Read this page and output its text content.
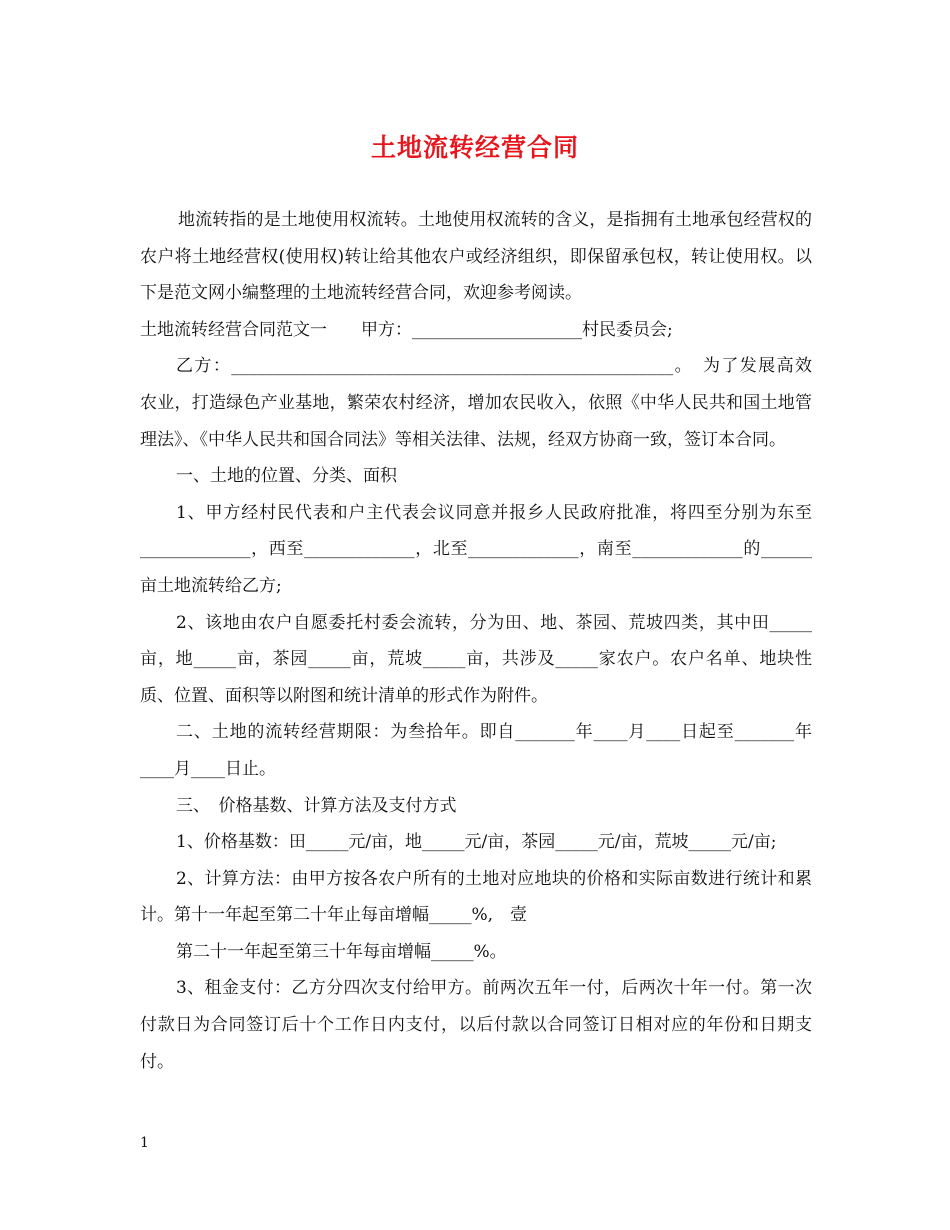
土地流转经营合同

地流转指的是土地使用权流转。土地使用权流转的含义，是指拥有土地承包经营权的农户将土地经营权(使用权)转让给其他农户或经济组织，即保留承包权，转让使用权。以下是范文网小编整理的土地流转经营合同，欢迎参考阅读。

土地流转经营合同范文一　　甲方：____________________村民委员会;

乙方：____________________________________________________。　为了发展高效农业，打造绿色产业基地，繁荣农村经济，增加农民收入，依照《中华人民共和国土地管理法》、《中华人民共和国合同法》等相关法律、法规，经双方协商一致，签订本合同。

一、土地的位置、分类、面积

1、甲方经村民代表和户主代表会议同意并报乡人民政府批准，将四至分别为东至_____________，西至_____________，北至_____________，南至_____________的______亩土地流转给乙方;

2、该地由农户自愿委托村委会流转，分为田、地、茶园、荒坡四类，其中田_____亩，地_____亩，茶园_____亩，荒坡_____亩，共涉及_____家农户。农户名单、地块性质、位置、面积等以附图和统计清单的形式作为附件。

二、土地的流转经营期限：为叁拾年。即自_______年____月____日起至_______年____月____日止。

三、　价格基数、计算方法及支付方式

1、价格基数：田_____元/亩，地_____元/亩，茶园_____元/亩，荒坡_____元/亩;

2、计算方法：由甲方按各农户所有的土地对应地块的价格和实际亩数进行统计和累计。第十一年起至第二十年止每亩增幅_____%,　壹

第二十一年起至第三十年每亩增幅_____%。

3、租金支付：乙方分四次支付给甲方。前两次五年一付，后两次十年一付。第一次付款日为合同签订后十个工作日内支付，以后付款以合同签订日相对应的年份和日期支付。

1
